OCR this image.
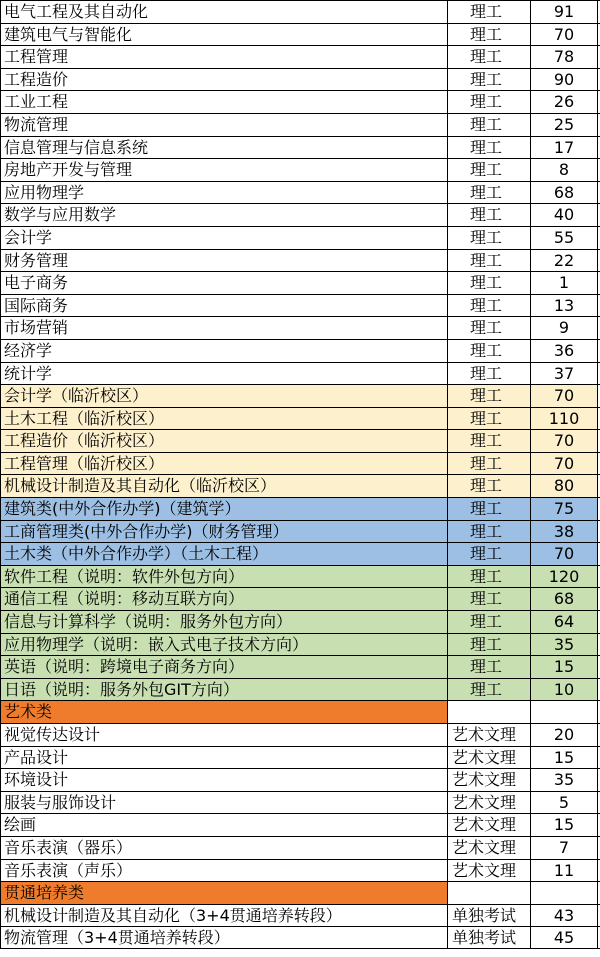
电气工程及其自动化	理工	91
建筑电气与智能化	理工	70
工程管理	理工	78
工程造价	理工	90
工业工程	理工	26
物流管理	理工	25
信息管理与信息系统	理工	17
房地产开发与管理	理工	8
应用物理学	理工	68
数学与应用数学	理工	40
会计学	理工	55
财务管理	理工	22
电子商务	理工	1
国际商务	理工	13
市场营销	理工	9
经济学	理工	36
统计学	理工	37
会计学（临沂校区）	理工	70
土木工程（临沂校区）	理工	110
工程造价（临沂校区）	理工	70
工程管理（临沂校区）	理工	70
机械设计制造及其自动化（临沂校区）	理工	80
建筑类(中外合作办学)（建筑学）	理工	75
工商管理类(中外合作办学)（财务管理）	理工	38
土木类（中外合作办学）（土木工程）	理工	70
软件工程（说明：软件外包方向）	理工	120
通信工程（说明：移动互联方向）	理工	68
信息与计算科学（说明：服务外包方向）	理工	64
应用物理学（说明：嵌入式电子技术方向）	理工	35
英语（说明：跨境电子商务方向）	理工	15
日语（说明：服务外包GIT方向）	理工	10
艺术类
视觉传达设计	艺术文理	20
产品设计	艺术文理	15
环境设计	艺术文理	35
服装与服饰设计	艺术文理	5
绘画	艺术文理	15
音乐表演（器乐）	艺术文理	7
音乐表演（声乐）	艺术文理	11
贯通培养类
机械设计制造及其自动化（3+4贯通培养转段）	单独考试	43
物流管理（3+4贯通培养转段）	单独考试	45
